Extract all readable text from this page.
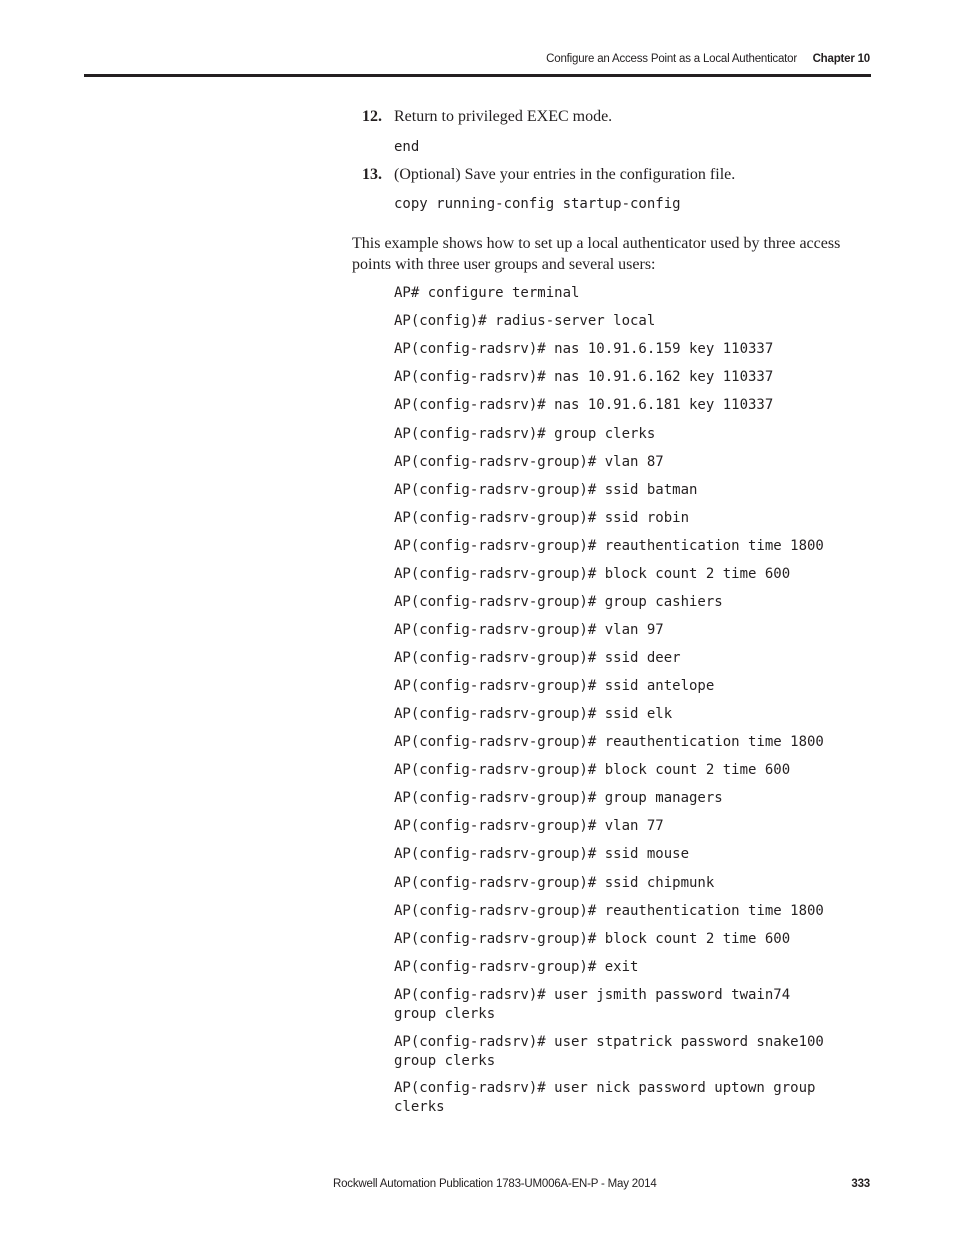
Configure an Access Point as a Local Authenticator Chapter 10
12. Return to privileged EXEC mode.
end
13. (Optional) Save your entries in the configuration file.
copy running-config startup-config
This example shows how to set up a local authenticator used by three access points with three user groups and several users:
AP# configure terminal
AP(config)# radius-server local
AP(config-radsrv)# nas 10.91.6.159 key 110337
AP(config-radsrv)# nas 10.91.6.162 key 110337
AP(config-radsrv)# nas 10.91.6.181 key 110337
AP(config-radsrv)# group clerks
AP(config-radsrv-group)# vlan 87
AP(config-radsrv-group)# ssid batman
AP(config-radsrv-group)# ssid robin
AP(config-radsrv-group)# reauthentication time 1800
AP(config-radsrv-group)# block count 2 time 600
AP(config-radsrv-group)# group cashiers
AP(config-radsrv-group)# vlan 97
AP(config-radsrv-group)# ssid deer
AP(config-radsrv-group)# ssid antelope
AP(config-radsrv-group)# ssid elk
AP(config-radsrv-group)# reauthentication time 1800
AP(config-radsrv-group)# block count 2 time 600
AP(config-radsrv-group)# group managers
AP(config-radsrv-group)# vlan 77
AP(config-radsrv-group)# ssid mouse
AP(config-radsrv-group)# ssid chipmunk
AP(config-radsrv-group)# reauthentication time 1800
AP(config-radsrv-group)# block count 2 time 600
AP(config-radsrv-group)# exit
AP(config-radsrv)# user jsmith password twain74
group clerks
AP(config-radsrv)# user stpatrick password snake100
group clerks
AP(config-radsrv)# user nick password uptown group
clerks
Rockwell Automation Publication 1783-UM006A-EN-P - May 2014	333
